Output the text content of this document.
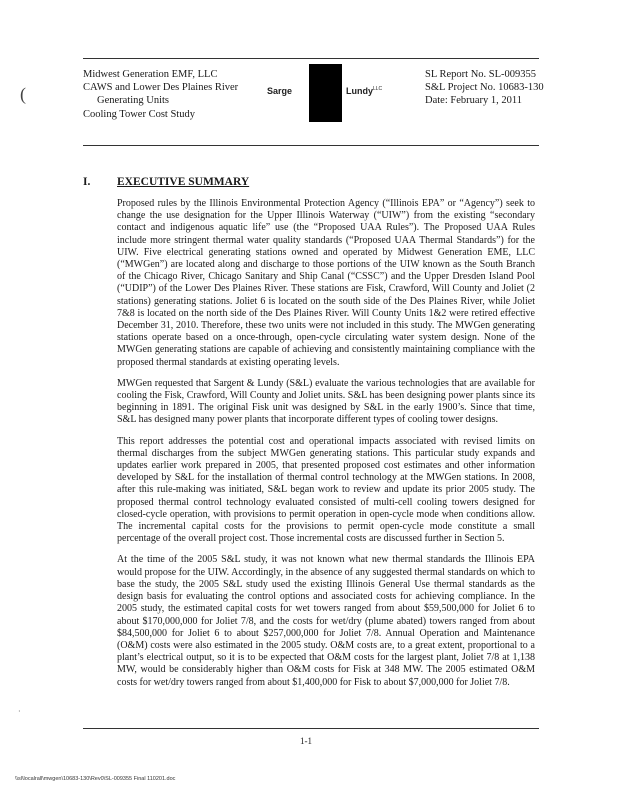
(
Midwest Generation EMF, LLC
CAWS and Lower Des Plaines River
Generating Units
Cooling Tower Cost Study
Sarge	Lundy$^{LLC}$
SL Report No. SL-009355
S&L Project No. 10683-130
Date: February 1, 2011
I. EXECUTIVE SUMMARY

Proposed rules by the Illinois Environmental Protection Agency (“Illinois EPA” or “Agency”) seek to change the use designation for the Upper Illinois Waterway (“UIW”) from the existing “secondary contact and indigenous aquatic life” use (the “Proposed UAA Rules”). The Proposed UAA Rules include more stringent thermal water quality standards (“Proposed UAA Thermal Standards”) for the UIW. Five electrical generating stations owned and operated by Midwest Generation EME, LLC (“MWGen”) are located along and discharge to those portions of the UIW known as the South Branch of the Chicago River, Chicago Sanitary and Ship Canal (“CSSC”) and the Upper Dresden Island Pool (“UDIP”) of the Lower Des Plaines River. These stations are Fisk, Crawford, Will County and Joliet (2 stations) generating stations. Joliet 6 is located on the south side of the Des Plaines River, while Joliet 7&8 is located on the north side of the Des Plaines River. Will County Units 1&2 were retired effective December 31, 2010. Therefore, these two units were not included in this study. The MWGen generating stations operate based on a once-through, open-cycle circulating water system design. None of the MWGen generating stations are capable of achieving and consistently maintaining compliance with the proposed thermal standards at existing operating levels.

MWGen requested that Sargent & Lundy (S&L) evaluate the various technologies that are available for cooling the Fisk, Crawford, Will County and Joliet units. S&L has been designing power plants since its beginning in 1891. The original Fisk unit was designed by S&L in the early 1900’s. Since that time, S&L has designed many power plants that incorporate different types of cooling tower designs.

This report addresses the potential cost and operational impacts associated with revised limits on thermal discharges from the subject MWGen generating stations. This particular study expands and updates earlier work prepared in 2005, that presented proposed cost estimates and other information developed by S&L for the installation of thermal control technology at the MWGen stations. In 2008, after this rule-making was initiated, S&L began work to review and update its prior 2005 study. The proposed thermal control technology evaluated consisted of multi-cell cooling towers designed for closed-cycle operation, with provisions to permit operation in open-cycle mode when conditions allow. The incremental capital costs for the provisions to permit open-cycle mode constitute a small percentage of the overall project cost. Those incremental costs are discussed further in Section 5.

At the time of the 2005 S&L study, it was not known what new thermal standards the Illinois EPA would propose for the UIW. Accordingly, in the absence of any suggested thermal standards on which to base the study, the 2005 S&L study used the existing Illinois General Use thermal standards as the design basis for evaluating the control options and associated costs for achieving compliance. In the 2005 study, the estimated capital costs for wet towers ranged from about $59,500,000 for Joliet 6 to about $170,000,000 for Joliet 7/8, and the costs for wet/dry (plume abated) towers ranged from about $84,500,000 for Joliet 6 to about $257,000,000 for Joliet 7/8. Annual Operation and Maintenance (O&M) costs were also estimated in the 2005 study. O&M costs are, to a great extent, proportional to a plant’s electrical output, so it is to be expected that O&M costs for the largest plant, Joliet 7/8 at 1,138 MW, would be considerably higher than O&M costs for Fisk at 348 MW. The 2005 estimated O&M costs for wet/dry towers ranged from about $1,400,000 for Fisk to about $7,000,000 for Joliet 7/8.

·
1-1
\\sl\localrall\mwgen\10683-130\Rev0\SL-009355 Final 110201.doc
